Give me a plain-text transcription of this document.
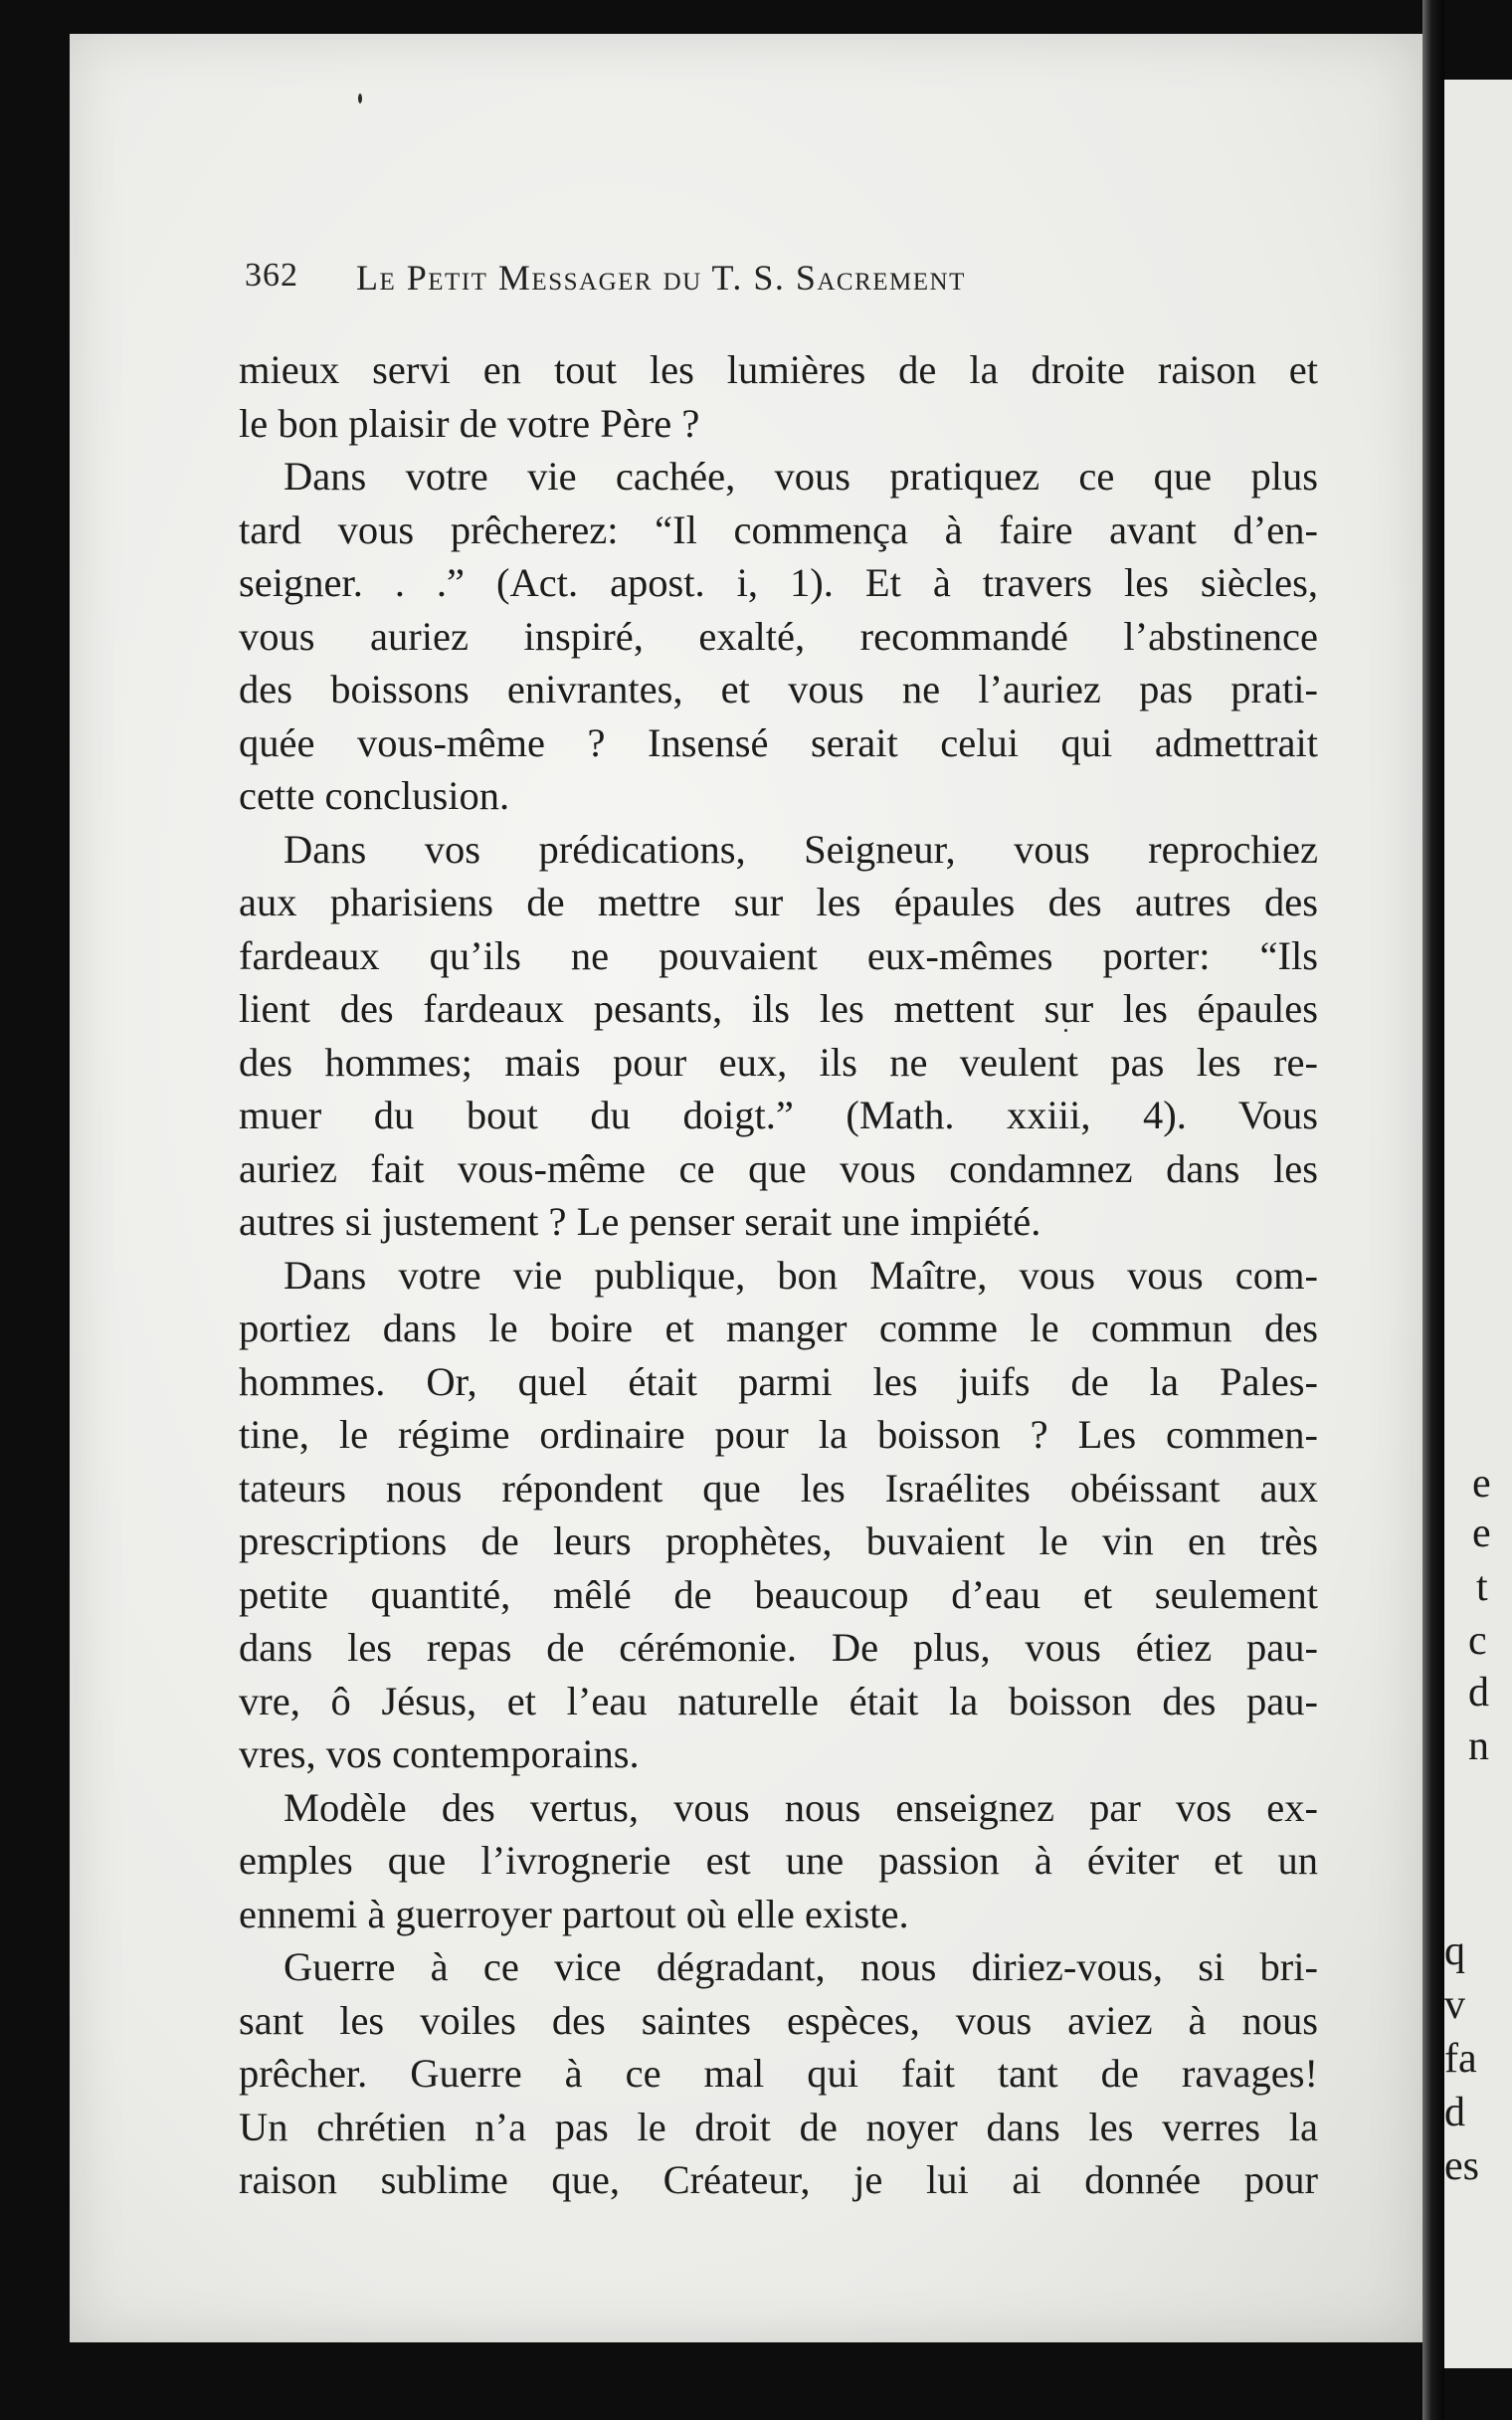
e
e
t
c
d
n
q
v
fa
d
es
362 Le Petit Messager du T. S. Sacrement
mieux servi en tout les lumières de la droite raison et
le bon plaisir de votre Père ?
Dans votre vie cachée, vous pratiquez ce que plus
tard vous prêcherez: “Il commença à faire avant d’en-
seigner. . .” (Act. apost. i, 1). Et à travers les siècles,
vous auriez inspiré, exalté, recommandé l’abstinence
des boissons enivrantes, et vous ne l’auriez pas prati-
quée vous-même ? Insensé serait celui qui admettrait
cette conclusion.
Dans vos prédications, Seigneur, vous reprochiez
aux pharisiens de mettre sur les épaules des autres des
fardeaux qu’ils ne pouvaient eux-mêmes porter: “Ils
lient des fardeaux pesants, ils les mettent sur les épaules
des hommes; mais pour eux, ils ne veulent pas les re-
muer du bout du doigt.” (Math. xxiii, 4). Vous
auriez fait vous-même ce que vous condamnez dans les
autres si justement ? Le penser serait une impiété.
Dans votre vie publique, bon Maître, vous vous com-
portiez dans le boire et manger comme le commun des
hommes. Or, quel était parmi les juifs de la Pales-
tine, le régime ordinaire pour la boisson ? Les commen-
tateurs nous répondent que les Israélites obéissant aux
prescriptions de leurs prophètes, buvaient le vin en très
petite quantité, mêlé de beaucoup d’eau et seulement
dans les repas de cérémonie. De plus, vous étiez pau-
vre, ô Jésus, et l’eau naturelle était la boisson des pau-
vres, vos contemporains.
Modèle des vertus, vous nous enseignez par vos ex-
emples que l’ivrognerie est une passion à éviter et un
ennemi à guerroyer partout où elle existe.
Guerre à ce vice dégradant, nous diriez-vous, si bri-
sant les voiles des saintes espèces, vous aviez à nous
prêcher. Guerre à ce mal qui fait tant de ravages!
Un chrétien n’a pas le droit de noyer dans les verres la
raison sublime que, Créateur, je lui ai donnée pour
